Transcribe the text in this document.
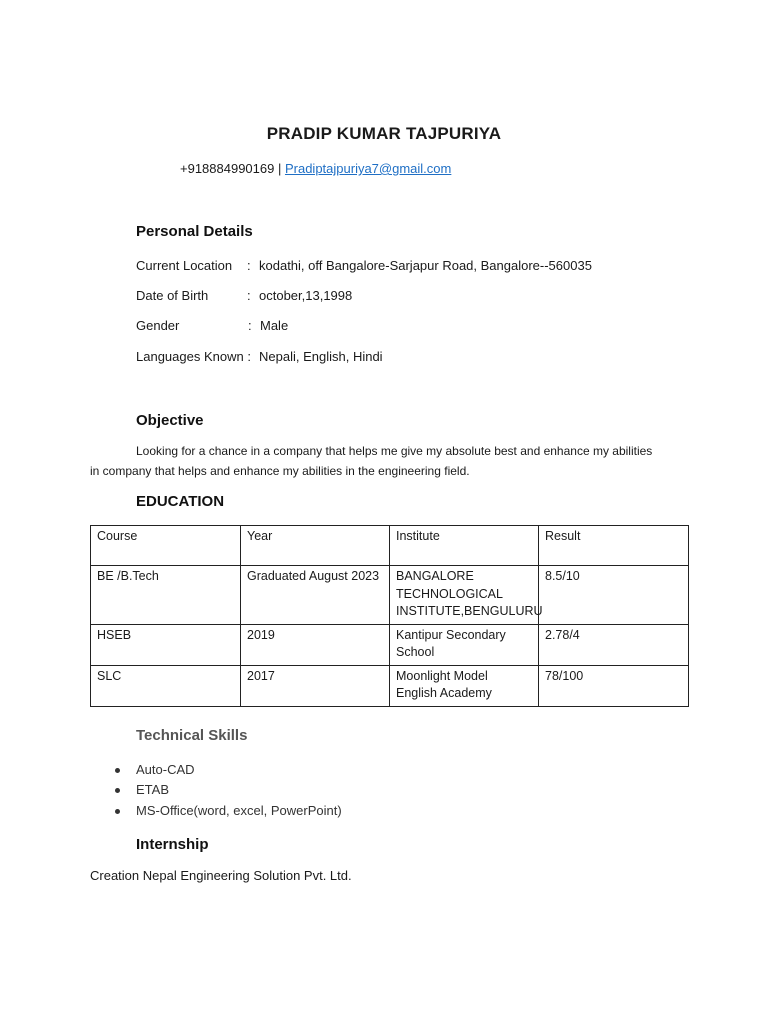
PRADIP KUMAR TAJPURIYA
+918884990169 | Pradiptajpuriya7@gmail.com
Personal Details
Current Location : kodathi, off Bangalore-Sarjapur Road, Bangalore--560035
Date of Birth	: october,13,1998
Gender	: Male
Languages Known : Nepali, English, Hindi
Objective
Looking for a chance in a company that helps me give my absolute best and enhance my abilities
in company that helps and enhance my abilities in the engineering field.
EDUCATION
Course	Year	Institute	Result
BE /B.Tech	Graduated August 2023	BANGALORE TECHNOLOGICAL INSTITUTE,BENGULURU	8.5/10
HSEB	2019	Kantipur Secondary School	2.78/4
SLC	2017	Moonlight Model English Academy	78/100
Technical Skills
Auto-CAD
ETAB
MS-Office(word, excel, PowerPoint)
Internship
Creation Nepal Engineering Solution Pvt. Ltd.
